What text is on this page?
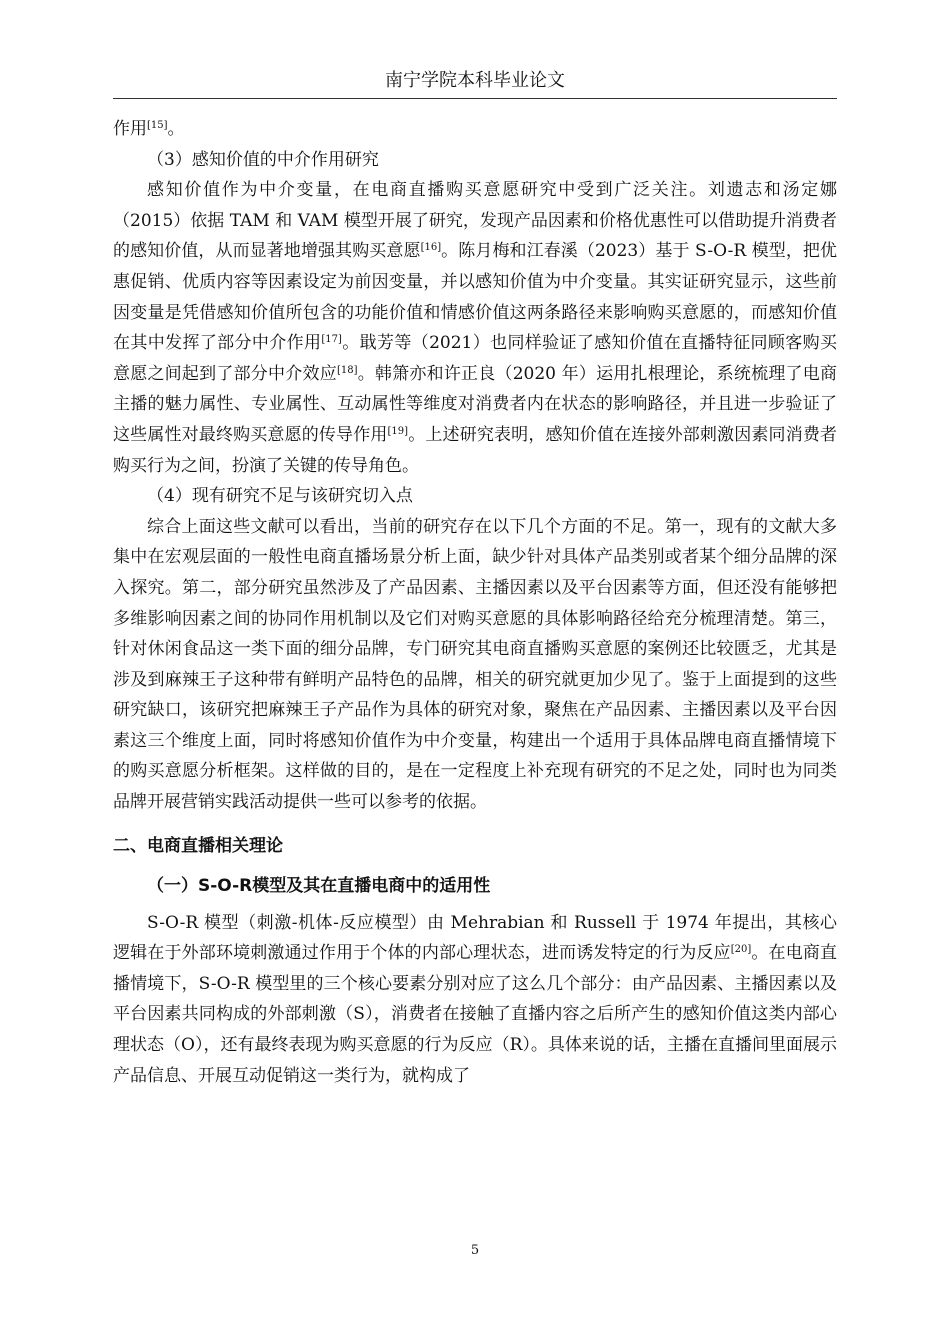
南宁学院本科毕业论文

作用[15]。

（3）感知价值的中介作用研究

感知价值作为中介变量，在电商直播购买意愿研究中受到广泛关注。刘遗志和汤定娜（2015）依据 TAM 和 VAM 模型开展了研究，发现产品因素和价格优惠性可以借助提升消费者的感知价值，从而显著地增强其购买意愿[16]。陈月梅和江春溪（2023）基于 S-O-R 模型，把优惠促销、优质内容等因素设定为前因变量，并以感知价值为中介变量。其实证研究显示，这些前因变量是凭借感知价值所包含的功能价值和情感价值这两条路径来影响购买意愿的，而感知价值在其中发挥了部分中介作用[17]。戢芳等（2021）也同样验证了感知价值在直播特征同顾客购买意愿之间起到了部分中介效应[18]。韩箫亦和许正良（2020 年）运用扎根理论，系统梳理了电商主播的魅力属性、专业属性、互动属性等维度对消费者内在状态的影响路径，并且进一步验证了这些属性对最终购买意愿的传导作用[19]。上述研究表明，感知价值在连接外部刺激因素同消费者购买行为之间，扮演了关键的传导角色。

（4）现有研究不足与该研究切入点

综合上面这些文献可以看出，当前的研究存在以下几个方面的不足。第一，现有的文献大多集中在宏观层面的一般性电商直播场景分析上面，缺少针对具体产品类别或者某个细分品牌的深入探究。第二，部分研究虽然涉及了产品因素、主播因素以及平台因素等方面，但还没有能够把多维影响因素之间的协同作用机制以及它们对购买意愿的具体影响路径给充分梳理清楚。第三，针对休闲食品这一类下面的细分品牌，专门研究其电商直播购买意愿的案例还比较匮乏，尤其是涉及到麻辣王子这种带有鲜明产品特色的品牌，相关的研究就更加少见了。鉴于上面提到的这些研究缺口，该研究把麻辣王子产品作为具体的研究对象，聚焦在产品因素、主播因素以及平台因素这三个维度上面，同时将感知价值作为中介变量，构建出一个适用于具体品牌电商直播情境下的购买意愿分析框架。这样做的目的，是在一定程度上补充现有研究的不足之处，同时也为同类品牌开展营销实践活动提供一些可以参考的依据。

二、电商直播相关理论

（一）S-O-R模型及其在直播电商中的适用性

S-O-R 模型（刺激-机体-反应模型）由 Mehrabian 和 Russell 于 1974 年提出，其核心逻辑在于外部环境刺激通过作用于个体的内部心理状态，进而诱发特定的行为反应[20]。在电商直播情境下，S-O-R 模型里的三个核心要素分别对应了这么几个部分：由产品因素、主播因素以及平台因素共同构成的外部刺激（S），消费者在接触了直播内容之后所产生的感知价值这类内部心理状态（O），还有最终表现为购买意愿的行为反应（R）。具体来说的话，主播在直播间里面展示产品信息、开展互动促销这一类行为，就构成了

5
